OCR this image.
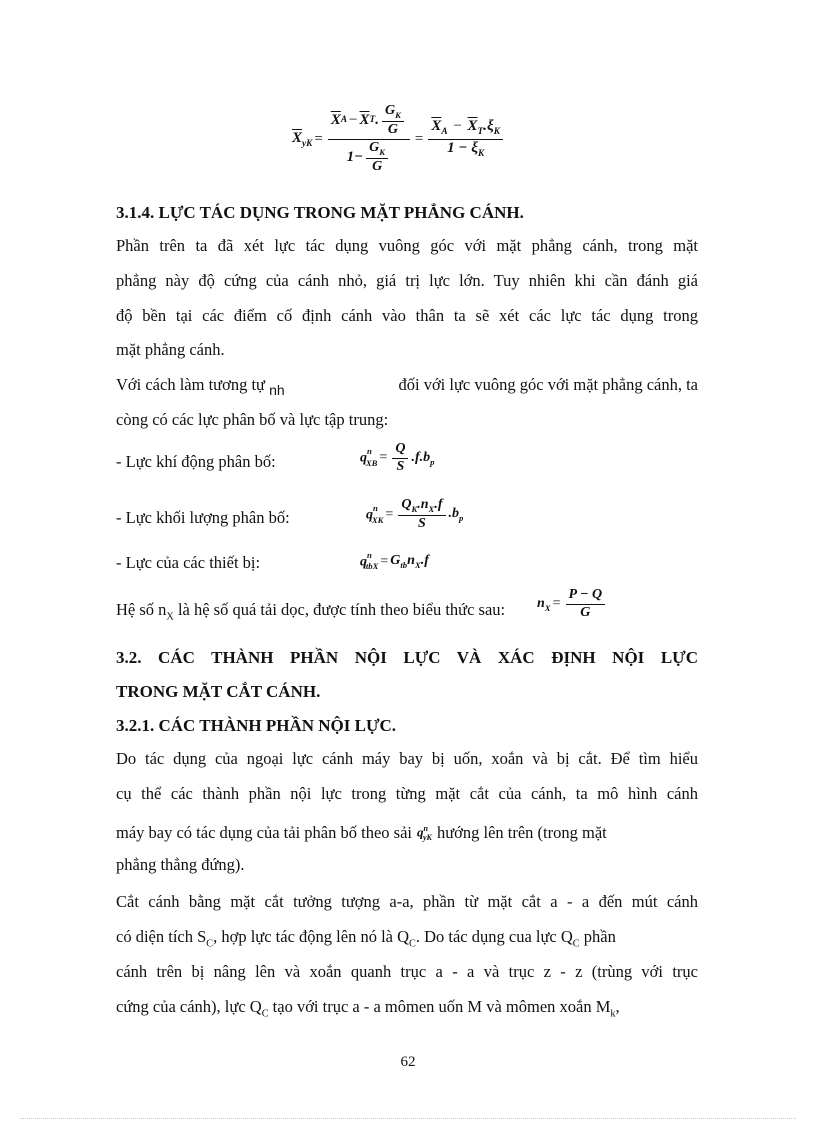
$\overline{X}_{yK} = \frac{\overline{X} A - \overline{X} T . \frac{G_K}{G}}{1- \frac{G_K}{G}} = \frac{\overline{X}_A - \overline{X}_T.\xi_K}{1 - \xi_K}$
3.1.4. LỰC TÁC DỤNG TRONG MẶT PHẲNG CÁNH.
Phần trên ta đã xét lực tác dụng vuông góc với mặt phẳng cánh, trong mặt
phẳng này độ cứng của cánh nhỏ, giá trị lực lớn. Tuy nhiên khi cần đánh giá
độ bền tại các điểm cố định cánh vào thân ta sẽ xét các lực tác dụng trong
mặt phẳng cánh.
Với cách làm tương tự $_{nh}$	đối với lực vuông góc với mặt phẳng cánh, ta
còng có các lực phân bố và lực tập trung:
- Lực khí động phân bố:	$q^n_{XB} = \frac{Q}{S} .f.b_p$
- Lực khối lượng phân bố:	$q^n_{XK} = \frac{Q_K.n_X.f}{S} .b_p$
- Lực của các thiết bị:	$q^n_{tbX} = G_{tb}n_X.f$
Hệ số $n_X$ là hệ số quá tải dọc, được tính theo biểu thức sau: $n_X = \frac{P - Q}{G}$
3.2. CÁC THÀNH PHẦN NỘI LỰC VÀ XÁC ĐỊNH NỘI LỰC
TRONG MẶT CẮT CÁNH.
3.2.1. CÁC THÀNH PHẦN NỘI LỰC.
Do tác dụng của ngoại lực cánh máy bay bị uốn, xoắn và bị cắt. Để tìm hiểu
cụ thể các thành phần nội lực trong từng mặt cắt của cánh, ta mô hình cánh
máy bay có tác dụng của tải phân bố theo sải $q^n_{yK}$ hướng lên trên (trong mặt
phẳng thẳng đứng).
Cắt cánh bằng mặt cắt tưởng tượng a-a, phần từ mặt cắt a - a đến mút cánh
có diện tích $S_C$, hợp lực tác động lên nó là $Q_C$. Do tác dụng cua lực $Q_C$ phần
cánh trên bị nâng lên và xoắn quanh trục a - a và trục z - z (trùng với trục
cứng của cánh), lực $Q_C$ tạo với trục a - a mômen uốn M và mômen xoắn $M_k$,
62
